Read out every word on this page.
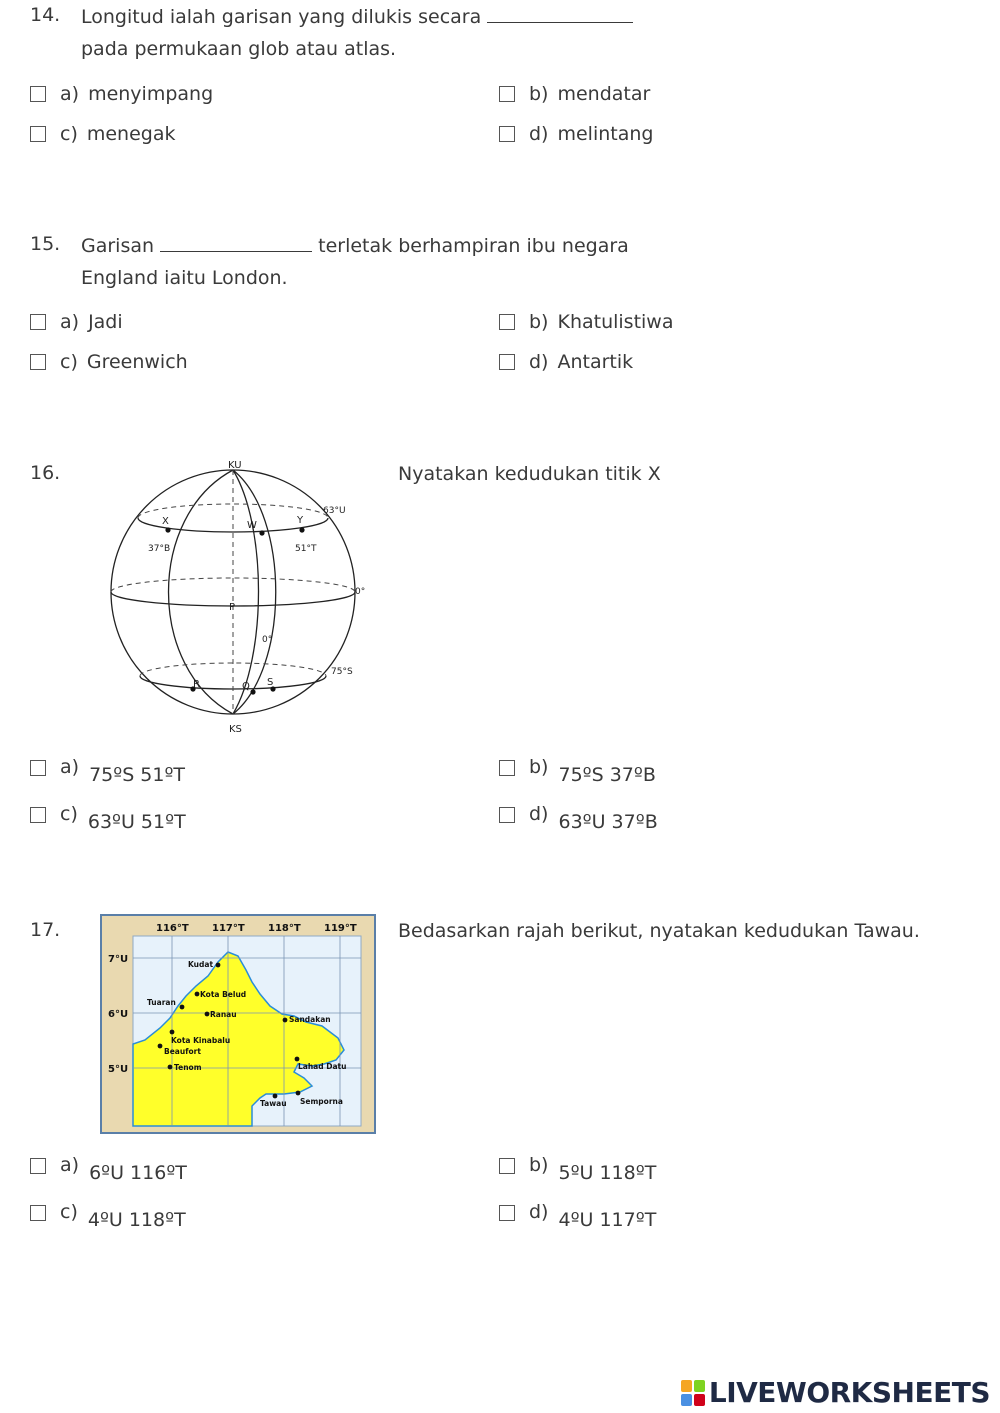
14. Longitud ialah garisan yang dilukis secara
pada permukaan glob atau atlas.
a) menyimpang	b) mendatar
c) menegak	d) melintang
15. Garisan	terletak berhampiran ibu negara
England iaitu London.
a) Jadi	b) Khatulistiwa
c) Greenwich	d) Antartik
16.	Nyatakan kedudukan titik X
KU
KS
X	W	Y
63°U
37°B	51°T
0°
P
0°
75°S
R	Q S
a) 75ºS 51ºT	b) 75ºS 37ºB
c) 63ºU 51ºT	d) 63ºU 37ºB
17.	Bedasarkan rajah berikut, nyatakan kedudukan Tawau.
116°T 117°T 118°T 119°T
7°U
6°U
5°U
Kudat
Kota Belud
Tuaran
Ranau
Sandakan
Kota Kinabalu
Beaufort
Tenom	Lahad Datu
Tawau Semporna
a) 6ºU 116ºT	b) 5ºU 118ºT
c) 4ºU 118ºT	d) 4ºU 117ºT
LIVEWORKSHEETS
